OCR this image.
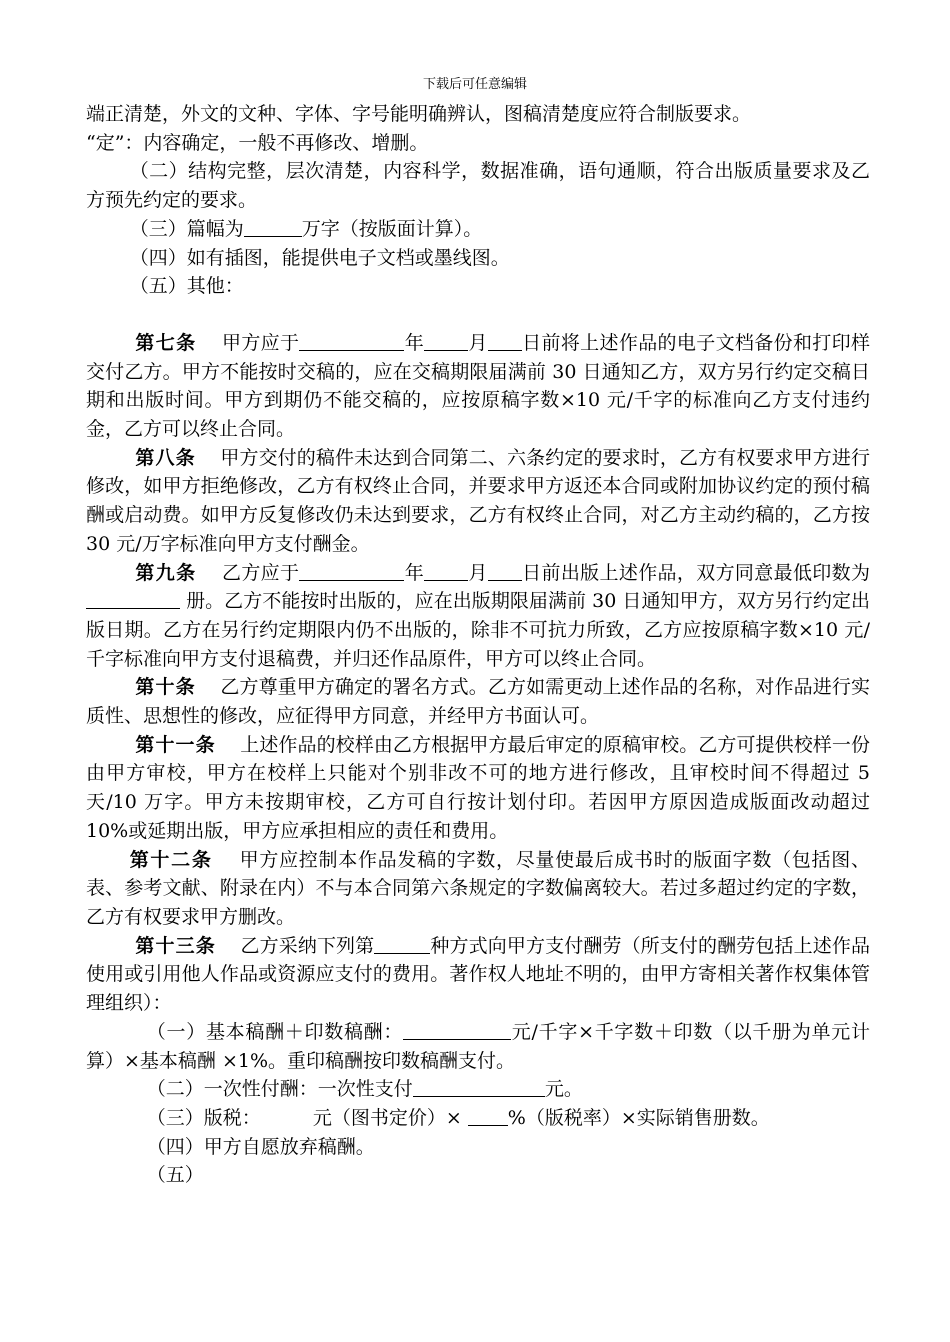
下载后可任意编辑

端正清楚，外文的文种、字体、字号能明确辨认，图稿清楚度应符合制版要求。
“定”：内容确定，一般不再修改、增删。

（二）结构完整，层次清楚，内容科学，数据准确，语句通顺，符合出版质量要求及乙方预先约定的要求。

（三）篇幅为	万字（按版面计算）。

（四）如有插图，能提供电子文档或墨线图。

（五）其他：

第七条 甲方应于	年 月 日前将上述作品的电子文档备份和打印样交付乙方。甲方不能按时交稿的，应在交稿期限届满前 30 日通知乙方，双方另行约定交稿日期和出版时间。甲方到期仍不能交稿的，应按原稿字数×10 元/千字的标准向乙方支付违约金，乙方可以终止合同。

第八条 甲方交付的稿件未达到合同第二、六条约定的要求时，乙方有权要求甲方进行修改，如甲方拒绝修改，乙方有权终止合同，并要求甲方返还本合同或附加协议约定的预付稿酬或启动费。如甲方反复修改仍未达到要求，乙方有权终止合同，对乙方主动约稿的，乙方按 30 元/万字标准向甲方支付酬金。

第九条 乙方应于	年 月 日前出版上述作品，双方同意最低印数为 册。乙方不能按时出版的，应在出版期限届满前 30 日通知甲方，双方另行约定出版日期。乙方在另行约定期限内仍不出版的，除非不可抗力所致，乙方应按原稿字数×10 元/千字标准向甲方支付退稿费，并归还作品原件，甲方可以终止合同。

第十条 乙方尊重甲方确定的署名方式。乙方如需更动上述作品的名称，对作品进行实质性、思想性的修改，应征得甲方同意，并经甲方书面认可。

第十一条 上述作品的校样由乙方根据甲方最后审定的原稿审校。乙方可提供校样一份由甲方审校，甲方在校样上只能对个别非改不可的地方进行修改，且审校时间不得超过 5 天/10 万字。甲方未按期审校，乙方可自行按计划付印。若因甲方原因造成版面改动超过 10%或延期出版，甲方应承担相应的责任和费用。

第十二条 甲方应控制本作品发稿的字数，尽量使最后成书时的版面字数（包括图、表、参考文献、附录在内）不与本合同第六条规定的字数偏离较大。若过多超过约定的字数，乙方有权要求甲方删改。

第十三条 乙方采纳下列第	种方式向甲方支付酬劳（所支付的酬劳包括上述作品使用或引用他人作品或资源应支付的费用。著作权人地址不明的，由甲方寄相关著作权集体管理组织）：

（一）基本稿酬＋印数稿酬：	元/千字×千字数＋印数（以千册为单元计算）×基本稿酬 ×1%。重印稿酬按印数稿酬支付。

（二）一次性付酬：一次性支付	元。

（三）版税：	元（图书定价）× %（版税率）×实际销售册数。

（四）甲方自愿放弃稿酬。

（五）
